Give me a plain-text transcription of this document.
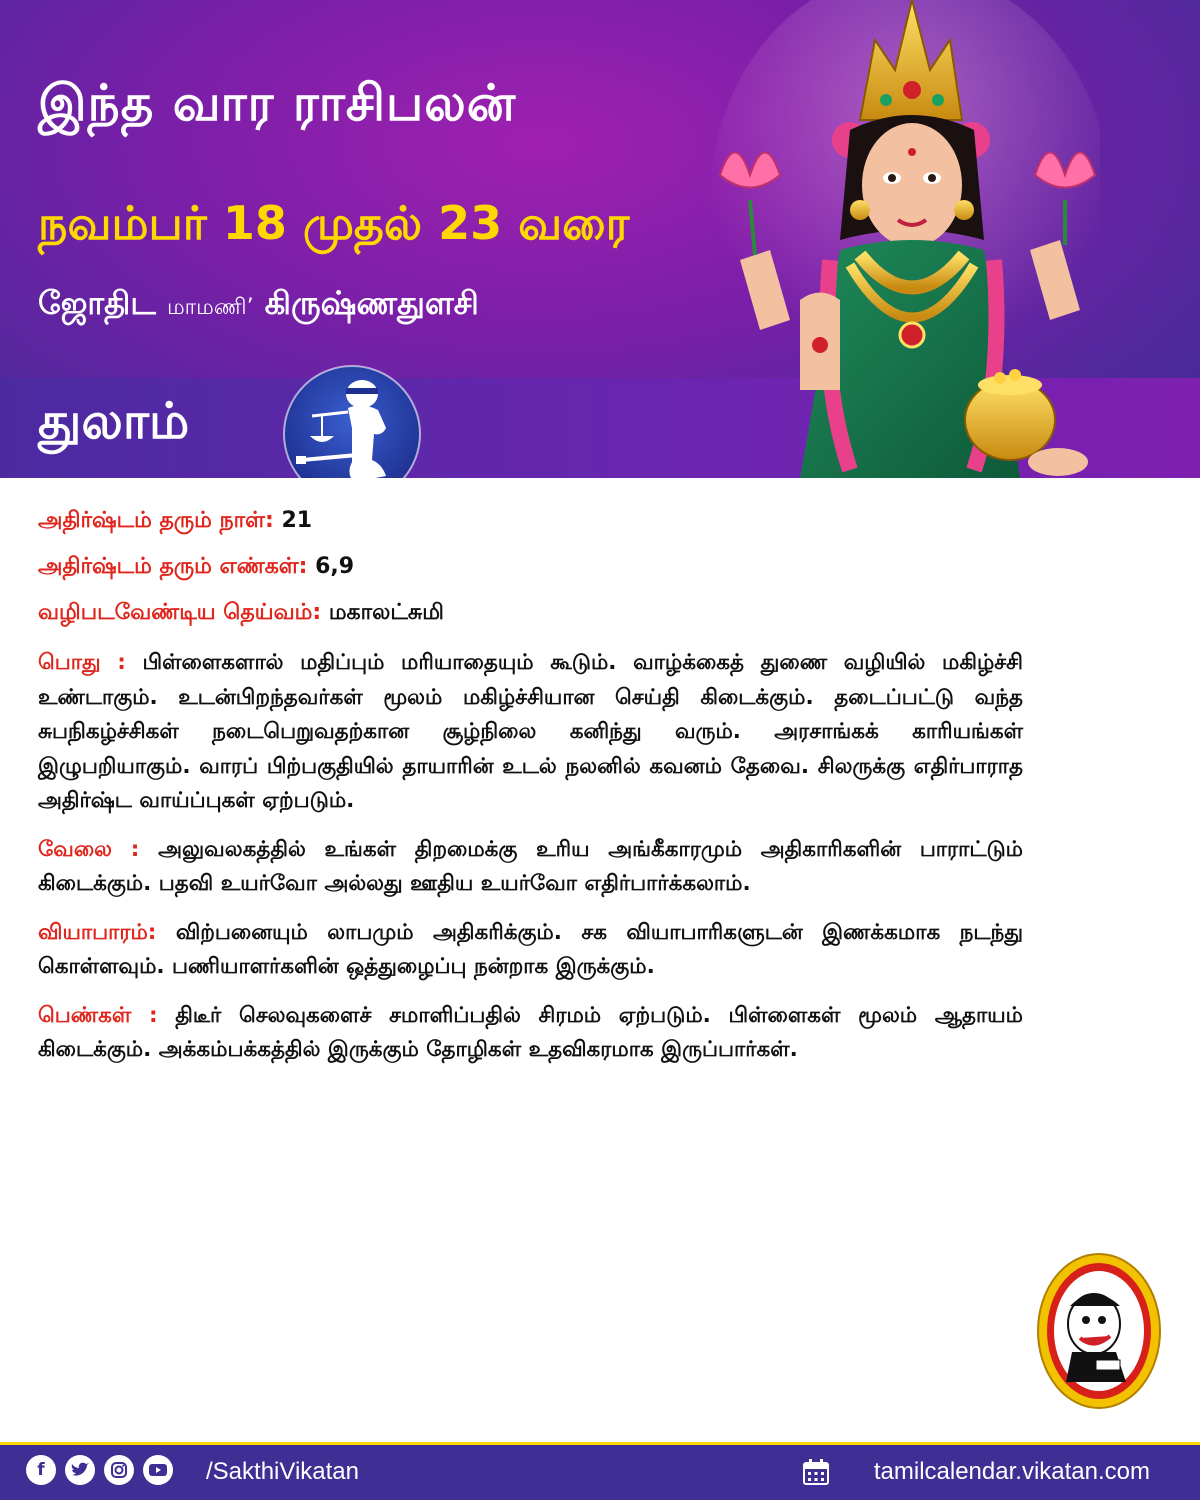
இந்த வார ராசிபலன்
நவம்பர் 18 முதல் 23 வரை
ஜோதிட மாமணி’ கிருஷ்ணதுளசி
துலாம்
அதிர்ஷ்டம் தரும் நாள்: 21
அதிர்ஷ்டம் தரும் எண்கள்: 6,9
வழிபடவேண்டிய தெய்வம்: மகாலட்சுமி

பொது : பிள்ளைகளால் மதிப்பும் மரியாதையும் கூடும். வாழ்க்கைத் துணை வழியில் மகிழ்ச்சி உண்டாகும். உடன்பிறந்தவர்கள் மூலம் மகிழ்ச்சியான செய்தி கிடைக்கும். தடைப்பட்டு வந்த சுபநிகழ்ச்சிகள் நடைபெறுவதற்கான சூழ்நிலை கனிந்து வரும். அரசாங்கக் காரியங்கள் இழுபறியாகும். வாரப் பிற்பகுதியில் தாயாரின் உடல் நலனில் கவனம் தேவை. சிலருக்கு எதிர்பாராத அதிர்ஷ்ட வாய்ப்புகள் ஏற்படும்.

வேலை : அலுவலகத்தில் உங்கள் திறமைக்கு உரிய அங்கீகாரமும் அதிகாரிகளின் பாராட்டும் கிடைக்கும். பதவி உயர்வோ அல்லது ஊதிய உயர்வோ எதிர்பார்க்கலாம்.

வியாபாரம்: விற்பனையும் லாபமும் அதிகரிக்கும். சக வியாபாரிகளுடன் இணக்கமாக நடந்து கொள்ளவும். பணியாளர்களின் ஒத்துழைப்பு நன்றாக இருக்கும்.

பெண்கள் : திடீர் செலவுகளைச் சமாளிப்பதில் சிரமம் ஏற்படும். பிள்ளைகள் மூலம் ஆதாயம் கிடைக்கும். அக்கம்பக்கத்தில் இருக்கும் தோழிகள் உதவிகரமாக இருப்பார்கள்.

f	/SakthiVikatan	tamilcalendar.vikatan.com
